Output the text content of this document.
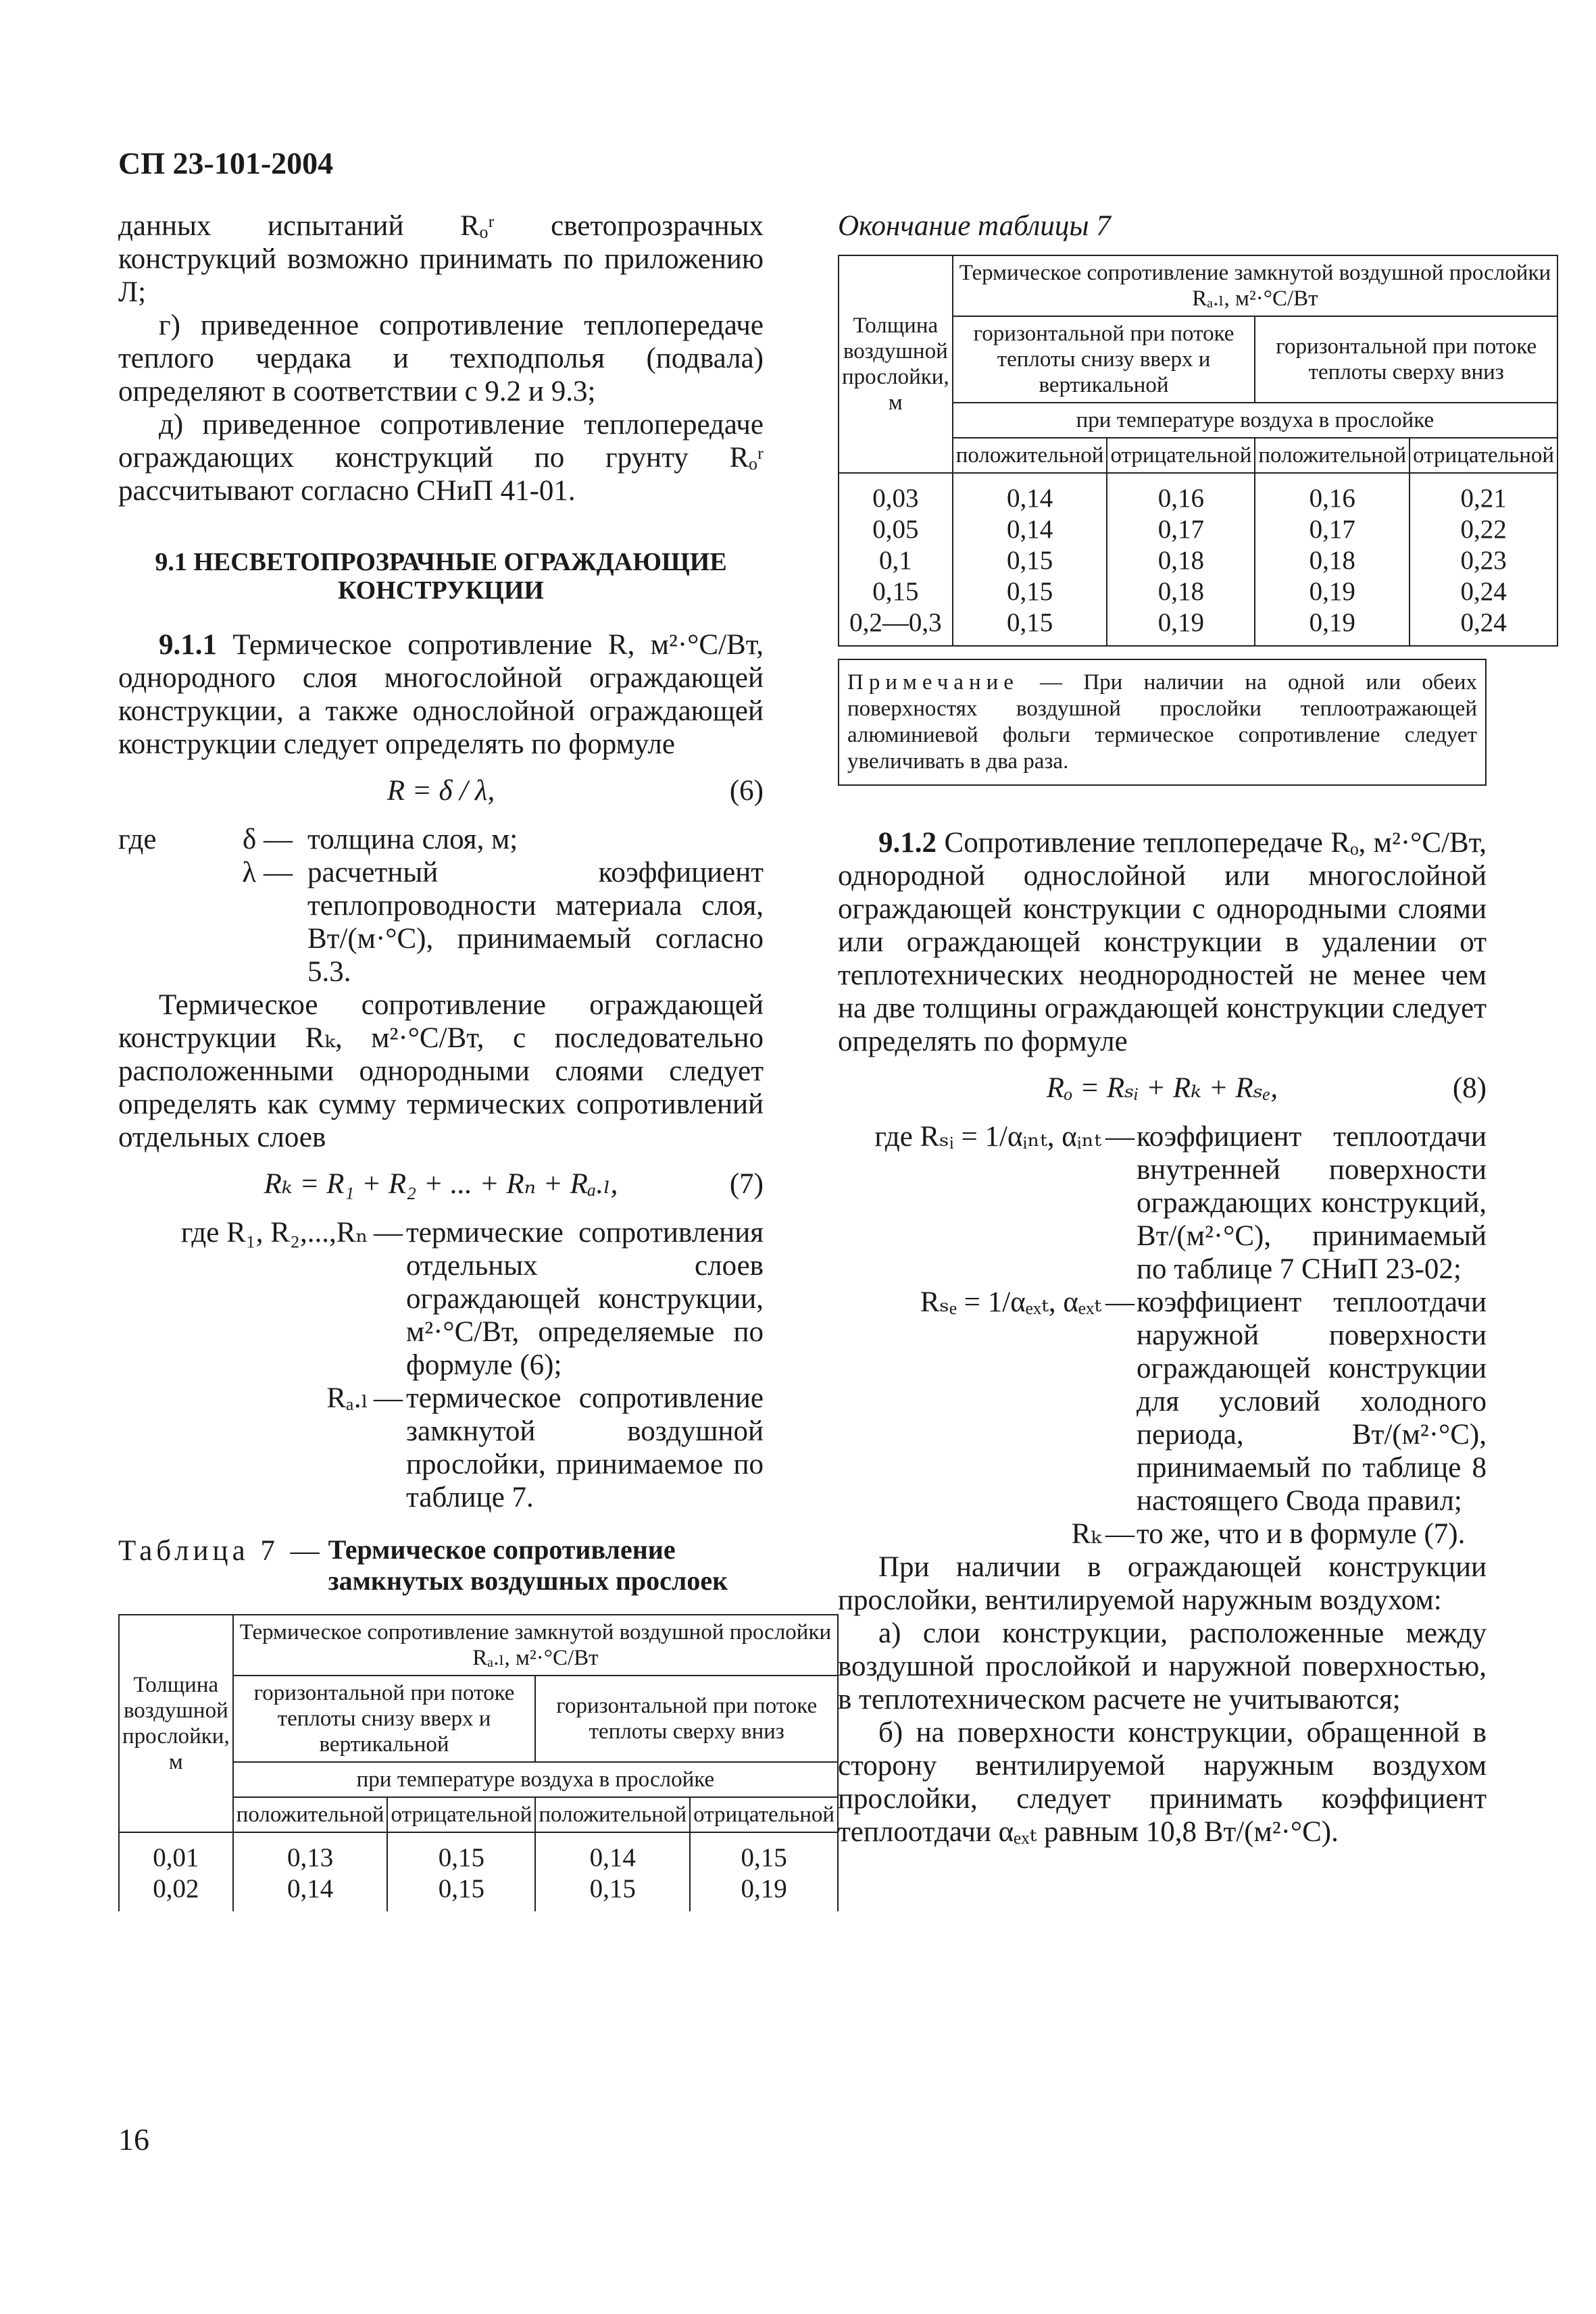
СП 23-101-2004

данных испытаний Rₒʳ светопрозрачных конструкций возможно принимать по приложению Л;

г) приведенное сопротивление теплопередаче теплого чердака и техподполья (подвала) определяют в соответствии с 9.2 и 9.3;

д) приведенное сопротивление теплопередаче ограждающих конструкций по грунту Rₒʳ рассчитывают согласно СНиП 41-01.

9.1 НЕСВЕТОПРОЗРАЧНЫЕ ОГРАЖДАЮЩИЕ КОНСТРУКЦИИ

9.1.1 Термическое сопротивление R, м²·°С/Вт, однородного слоя многослойной ограждающей конструкции, а также однослойной ограждающей конструкции следует определять по формуле

R = δ / λ,	(6)
где	δ — толщина слоя, м;
λ — расчетный коэффициент теплопроводности материала слоя, Вт/(м·°С), принимаемый согласно 5.3.

Термическое сопротивление ограждающей конструкции Rₖ, м²·°С/Вт, с последовательно расположенными однородными слоями следует определять как сумму термических сопротивлений отдельных слоев

Rₖ = R₁ + R₂ + ... + Rₙ + Rₐ.ₗ,	(7)
где R₁, R₂,...,Rₙ — термические сопротивления отдельных слоев ограждающей конструкции, м²·°С/Вт, определяемые по формуле (6);
Rₐ.ₗ — термическое сопротивление замкнутой воздушной прослойки, принимаемое по таблице 7.
Таблица 7 — Термическое сопротивление замкнутых воздушных прослоек
Толщина воздушной прослойки, м	Термическое сопротивление замкнутой воздушной прослойки Rₐ.ₗ, м²·°С/Вт			
	горизонтальной при потоке теплоты снизу вверх и вертикальной		горизонтальной при потоке теплоты сверху вниз	
	при температуре воздуха в прослойке			
	положительной	отрицательной	положительной	отрицательной
0,01	0,13	0,15	0,14	0,15
0,02	0,14	0,15	0,15	0,19
Окончание таблицы 7
Толщина воздушной прослойки, м	Термическое сопротивление замкнутой воздушной прослойки Rₐ.ₗ, м²·°С/Вт			
	горизонтальной при потоке теплоты снизу вверх и вертикальной		горизонтальной при потоке теплоты сверху вниз	
	при температуре воздуха в прослойке			
	положительной	отрицательной	положительной	отрицательной
0,03	0,14	0,16	0,16	0,21
0,05	0,14	0,17	0,17	0,22
0,1	0,15	0,18	0,18	0,23
0,15	0,15	0,18	0,19	0,24
0,2—0,3	0,15	0,19	0,19	0,24
Примечание — При наличии на одной или обеих поверхностях воздушной прослойки теплоотражающей алюминиевой фольги термическое сопротивление следует увеличивать в два раза.

9.1.2 Сопротивление теплопередаче Rₒ, м²·°С/Вт, однородной однослойной или многослойной ограждающей конструкции с однородными слоями или ограждающей конструкции в удалении от теплотехнических неоднородностей не менее чем на две толщины ограждающей конструкции следует определять по формуле

Rₒ = Rₛᵢ + Rₖ + Rₛₑ,	(8)
где Rₛᵢ = 1/αᵢₙₜ, αᵢₙₜ — коэффициент теплоотдачи внутренней поверхности ограждающих конструкций, Вт/(м²·°С), принимаемый по таблице 7 СНиП 23-02;
Rₛₑ = 1/αₑₓₜ, αₑₓₜ — коэффициент теплоотдачи наружной поверхности ограждающей конструкции для условий холодного периода, Вт/(м²·°С), принимаемый по таблице 8 настоящего Свода правил;
Rₖ — то же, что и в формуле (7).

При наличии в ограждающей конструкции прослойки, вентилируемой наружным воздухом:

а) слои конструкции, расположенные между воздушной прослойкой и наружной поверхностью, в теплотехническом расчете не учитываются;

б) на поверхности конструкции, обращенной в сторону вентилируемой наружным воздухом прослойки, следует принимать коэффициент теплоотдачи αₑₓₜ равным 10,8 Вт/(м²·°С).

16
